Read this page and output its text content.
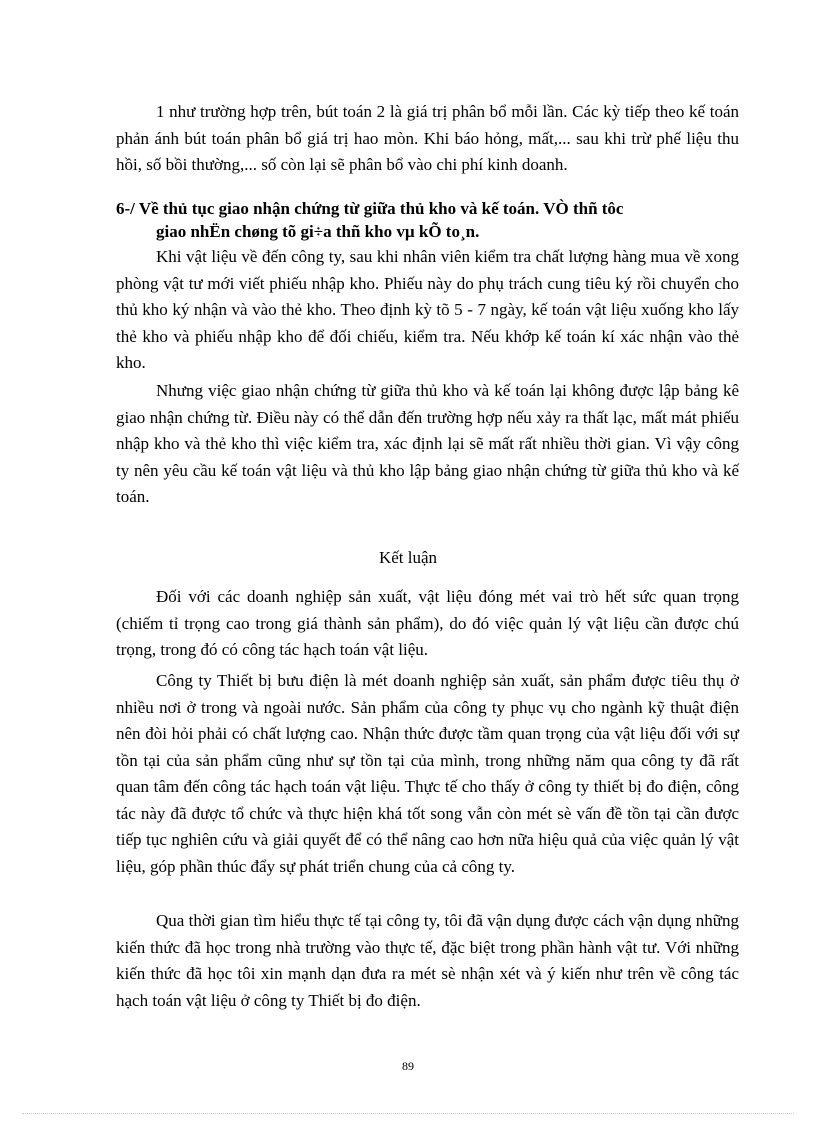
1 như trường hợp trên, bút toán 2 là giá trị phân bổ mỗi lần. Các kỳ tiếp theo kế toán phản ánh bút toán phân bổ giá trị hao mòn. Khi báo hỏng, mất,... sau khi trừ phế liệu thu hồi, số bồi thường,... số còn lại sẽ phân bổ vào chi phí kinh doanh.

6-/ Về thủ tục giao nhận chứng từ giữa thủ kho và kế toán. VÒ thñ tôc
giao nhËn chøng tõ gi÷a thñ kho vµ kÕ to¸n.

Khi vật liệu về đến công ty, sau khi nhân viên kiểm tra chất lượng hàng mua về xong phòng vật tư mới viết phiếu nhập kho. Phiếu này do phụ trách cung tiêu ký rồi chuyển cho thủ kho ký nhận và vào thẻ kho. Theo định kỳ tõ 5 - 7 ngày, kế toán vật liệu xuống kho lấy thẻ kho và phiếu nhập kho để đối chiếu, kiểm tra. Nếu khớp kế toán kí xác nhận vào thẻ kho.

Nhưng việc giao nhận chứng từ giữa thủ kho và kế toán lại không được lập bảng kê giao nhận chứng từ. Điều này có thể dẫn đến trường hợp nếu xảy ra thất lạc, mất mát phiếu nhập kho và thẻ kho thì việc kiểm tra, xác định lại sẽ mất rất nhiều thời gian. Vì vậy công ty nên yêu cầu kế toán vật liệu và thủ kho lập bảng giao nhận chứng từ giữa thủ kho và kế toán.

Kết luận

Đối với các doanh nghiệp sản xuất, vật liệu đóng mét vai trò hết sức quan trọng (chiếm tỉ trọng cao trong giá thành sản phẩm), do đó việc quản lý vật liệu cần được chú trọng, trong đó có công tác hạch toán vật liệu.

Công ty Thiết bị bưu điện là mét doanh nghiệp sản xuất, sản phẩm được tiêu thụ ở nhiều nơi ở trong và ngoài nước. Sản phẩm của công ty phục vụ cho ngành kỹ thuật điện nên đòi hỏi phải có chất lượng cao. Nhận thức được tầm quan trọng của vật liệu đối với sự tồn tại của sản phẩm cũng như sự tồn tại của mình, trong những năm qua công ty đã rất quan tâm đến công tác hạch toán vật liệu. Thực tế cho thấy ở công ty thiết bị đo điện, công tác này đã được tổ chức và thực hiện khá tốt song vẫn còn mét sè vấn đề tồn tại cần được tiếp tục nghiên cứu và giải quyết để có thể nâng cao hơn nữa hiệu quả của việc quản lý vật liệu, góp phần thúc đẩy sự phát triển chung của cả công ty.

Qua thời gian tìm hiểu thực tế tại công ty, tôi đã vận dụng được cách vận dụng những kiến thức đã học trong nhà trường vào thực tế, đặc biệt trong phần hành vật tư. Với những kiến thức đã học tôi xin mạnh dạn đưa ra mét sè nhận xét và ý kiến như trên về công tác hạch toán vật liệu ở công ty Thiết bị đo điện.

89
